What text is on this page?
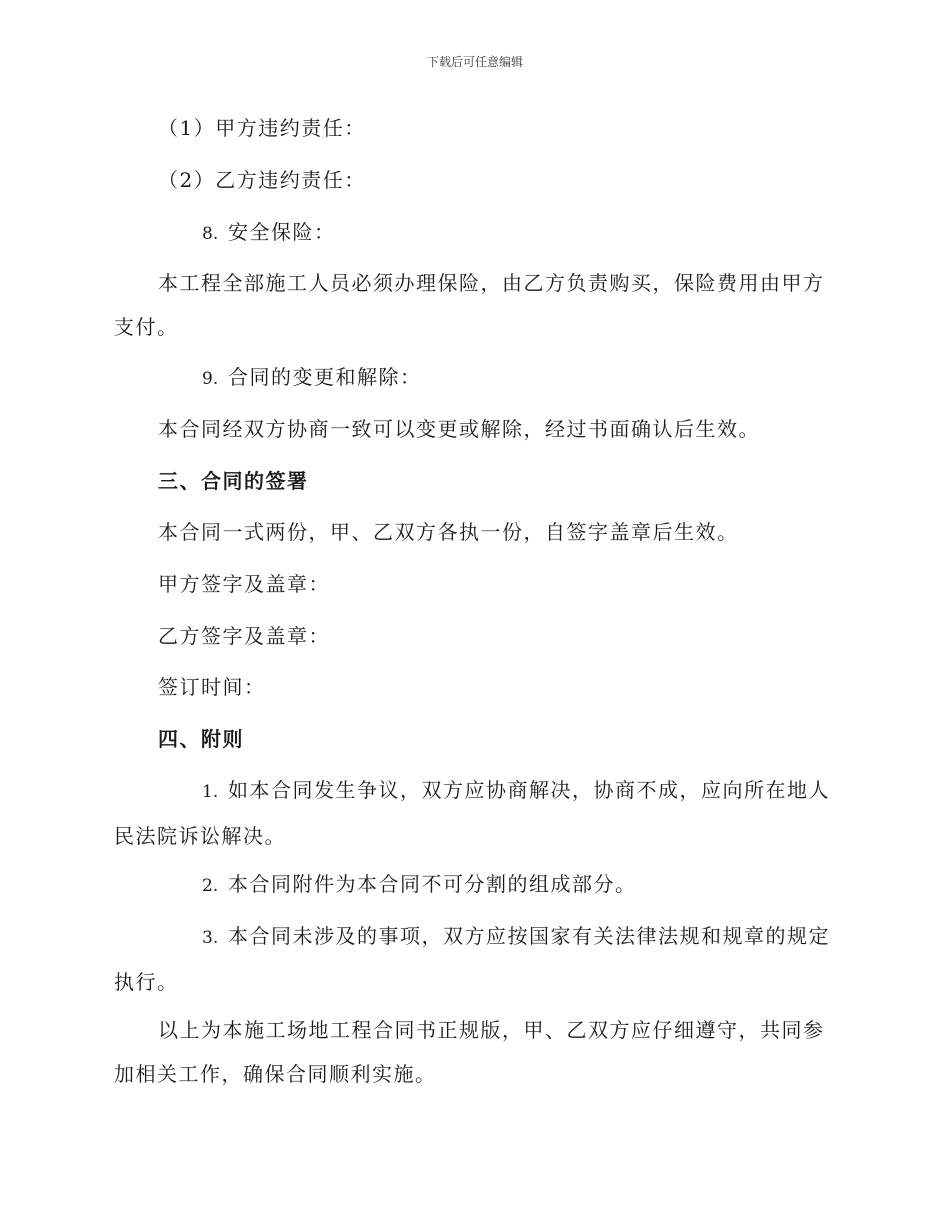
下载后可任意编辑

（1）甲方违约责任：

（2）乙方违约责任：

8. 安全保险：

本工程全部施工人员必须办理保险，由乙方负责购买，保险费用由甲方支付。

9. 合同的变更和解除：

本合同经双方协商一致可以变更或解除，经过书面确认后生效。

三、合同的签署

本合同一式两份，甲、乙双方各执一份，自签字盖章后生效。

甲方签字及盖章：

乙方签字及盖章：

签订时间：

四、附则

1. 如本合同发生争议，双方应协商解决，协商不成，应向所在地人民法院诉讼解决。

2. 本合同附件为本合同不可分割的组成部分。

3. 本合同未涉及的事项，双方应按国家有关法律法规和规章的规定执行。

以上为本施工场地工程合同书正规版，甲、乙双方应仔细遵守，共同参加相关工作，确保合同顺利实施。
